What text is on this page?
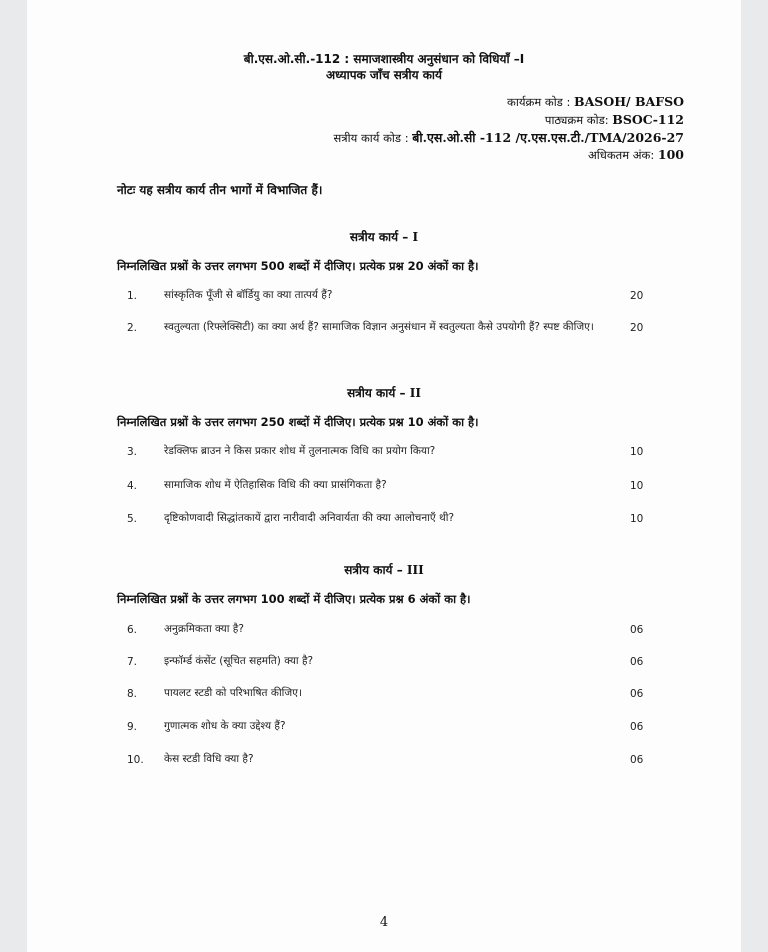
बी.एस.ओ.सी.-112 : समाजशास्त्रीय अनुसंधान को विधियाँ –I
अध्यापक जाँच सत्रीय कार्य
कार्यक्रम कोड : BASOH/ BAFSO
पाठ्यक्रम कोड: BSOC-112
सत्रीय कार्य कोड : बी.एस.ओ.सी -112 /ए.एस.एस.टी./TMA/2026-27
अधिकतम अंक: 100
नोटः यह सत्रीय कार्य तीन भागों में विभाजित हैं।
सत्रीय कार्य – I
निम्नलिखित प्रश्नों के उत्तर लगभग 500 शब्दों में दीजिए। प्रत्येक प्रश्न 20 अंकों का है।
1.	सांस्कृतिक पूँजी से बॉर्डियु का क्या तात्पर्य हैं?	20
2.	स्वतुल्यता (रिफ्लेक्सिटी) का क्या अर्थ हैं? सामाजिक विज्ञान अनुसंधान में स्वतुल्यता कैसे उपयोगी हैं? स्पष्ट कीजिए।	20
सत्रीय कार्य – II
निम्नलिखित प्रश्नों के उत्तर लगभग 250 शब्दों में दीजिए। प्रत्येक प्रश्न 10 अंकों का है।
3.	रेडक्लिफ ब्राउन ने किस प्रकार शोध में तुलनात्मक विधि का प्रयोग किया?	10
4.	सामाजिक शोध में ऐतिहासिक विधि की क्या प्रासंगिकता है?	10
5.	दृष्टिकोणवादी सिद्धांतकायें द्वारा नारीवादी अनिवार्यता की क्या आलोचनाएँ थी?	10
सत्रीय कार्य – III
निम्नलिखित प्रश्नों के उत्तर लगभग 100 शब्दों में दीजिए। प्रत्येक प्रश्न 6 अंकों का है।
6.	अनुक्रमिकता क्या है?	06
7.	इन्फॉर्म्ड कंसेंट (सूचित सहमति) क्या है?	06
8.	पायलट स्टडी को परिभाषित कीजिए।	06
9.	गुणात्मक शोध के क्या उद्देश्य हैं?	06
10. केस स्टडी विधि क्या है?	06
4
